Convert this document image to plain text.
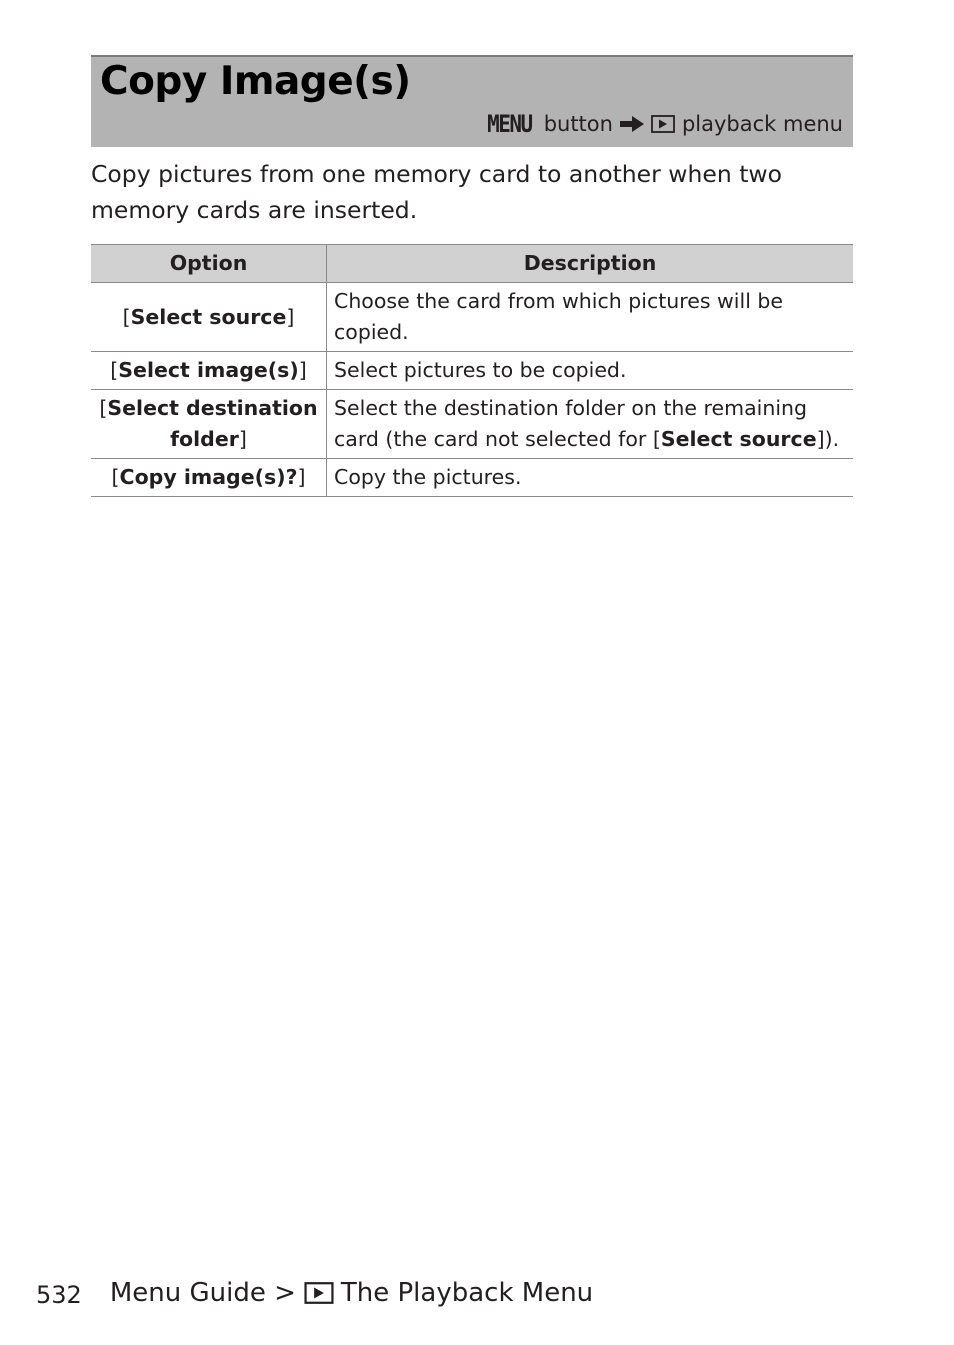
Copy Image(s)
MENU button	playback menu

Copy pictures from one memory card to another when two memory cards are inserted.

Option	Description
[Select source]	Choose the card from which pictures will be copied.
[Select image(s)]	Select pictures to be copied.
[Select destination folder]	Select the destination folder on the remaining card (the card not selected for [Select source]).
[Copy image(s)?]	Copy the pictures.
532 Menu Guide > The Playback Menu
